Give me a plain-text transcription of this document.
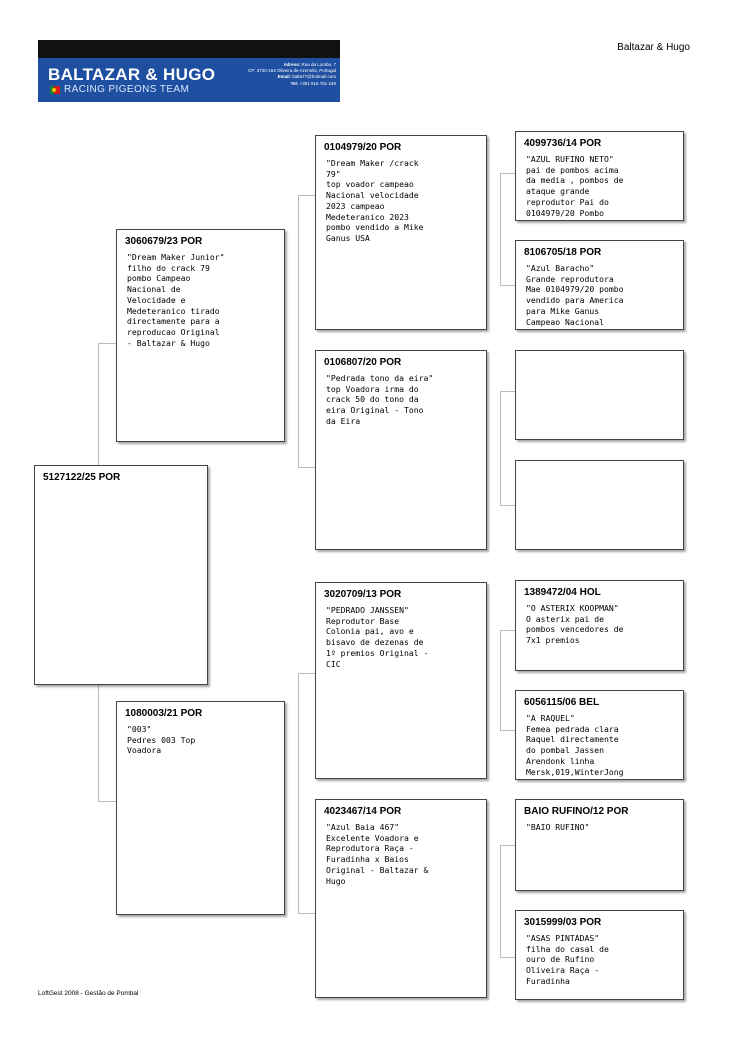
BALTAZAR & HUGO
RACING PIGEONS TEAM
Adress: Rua da Lomba, 7
CP: 3720-154 Oliveira de Azeméis, Portugal
Email: balta77@hotmail.com
Tel: +351 916 781 249
Baltazar & Hugo
5127122/25 POR
3060679/23 POR
"Dream Maker Junior"
filho do crack 79
pombo Campeao
Nacional de
Velocidade e
Medeteranico tirado
directamente para a
reproducao Original
- Baltazar & Hugo
1080003/21 POR
"003"
Pedres 003 Top
Voadora
0104979/20 POR
"Dream Maker /crack
79"
top voador campeao
Nacional velocidade
2023 campeao
Medeteranico 2023
pombo vendido a Mike
Ganus USA
0106807/20 POR
"Pedrada tono da eira"
top Voadora irma do
crack 50 do tono da
eira Original - Tono
da Eira
3020709/13 POR
"PEDRADO JANSSEN"
Reprodutor Base
Colonia pai, avo e
bisavo de dezenas de
1º premios Original -
CIC
4023467/14 POR
"Azul Baia 467"
Excelente Voadora e
Reprodutora Raça -
Furadinha x Baios
Original - Baltazar &
Hugo
4099736/14 POR
"AZUL RUFINO NETO"
pai de pombos acima
da media , pombos de
ataque grande
reprodutor Pai do
0104979/20 Pombo
8106705/18 POR
"Azul Baracho"
Grande reprodutora
Mae 0104979/20 pombo
vendido para America
para Mike Ganus
Campeao Nacional
1389472/04 HOL
"O ASTERIX KOOPMAN"
O asterix pai de
pombos vencedores de
7x1 premios
6056115/06 BEL
"A RAQUEL"
Femea pedrada clara
Raquel directamente
do pombal Jassen
Arendonk linha
Mersk,019,WinterJong
BAIO RUFINO/12 POR
"BAIO RUFINO"
3015999/03 POR
"ASAS PINTADAS"
filha do casal de
ouro de Rufino
Oliveira Raça -
Furadinha
LoftGest 2008 - Gestão de Pombal
